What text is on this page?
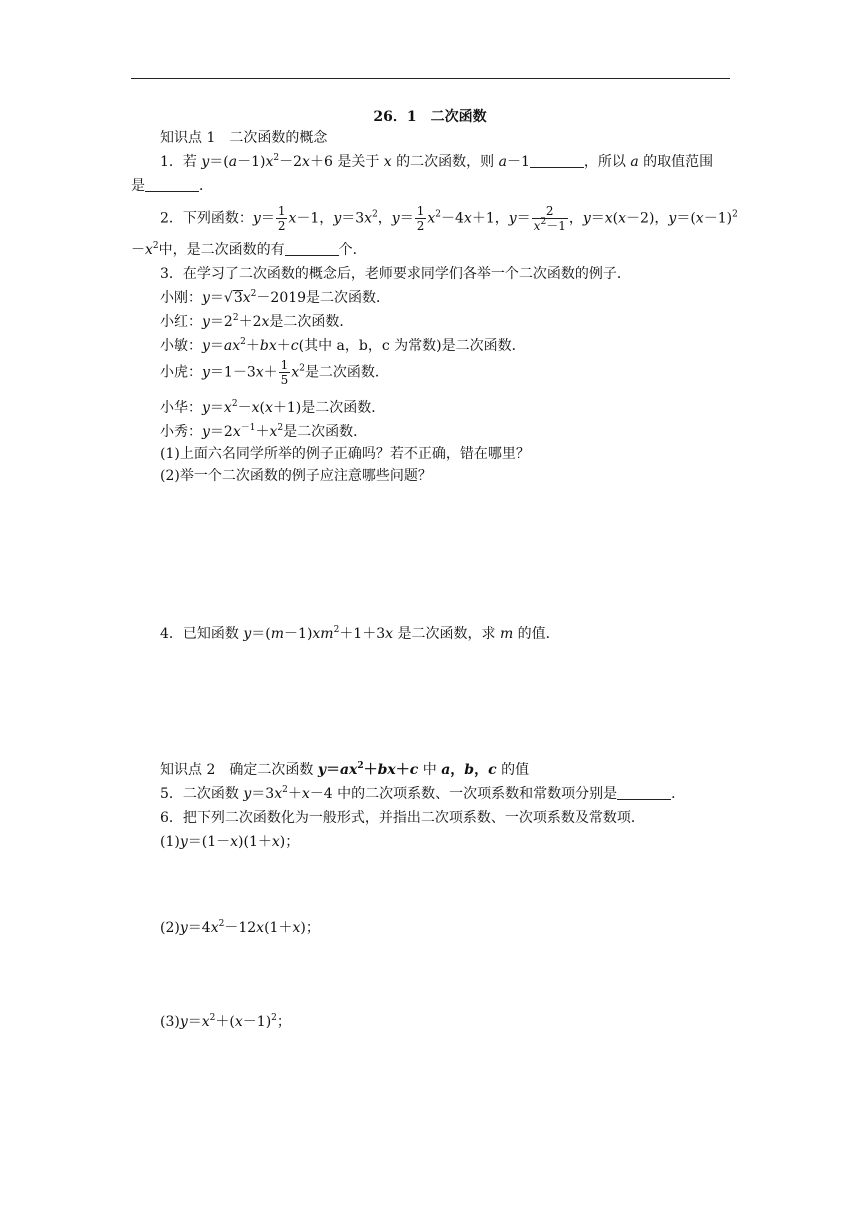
26．1　二次函数
知识点 1　二次函数的概念
1．若 $y=(a-1)x^2-2x+6$ 是关于 x 的二次函数，则 a－1	，所以 a 的取值范围
是	．
2．下列函数：$y= \frac{1}{2} x-1$，$y=3x^2$，$y= \frac{1}{2} x^2-4x+1$，$y= \frac{2}{x^2-1}$ ，y＝x(x－2)，$y=(x-1)^2$
$-x^2$中，是二次函数的有	个．
3．在学习了二次函数的概念后，老师要求同学们各举一个二次函数的例子．
小刚：$y=√3x^2-2019$是二次函数．
小红：$y=2^2+2x$是二次函数．
小敏：$y=ax^2+bx+c$(其中 a，b，c 为常数)是二次函数．
小虎：$y=1-3x+ \frac{1}{5} x^2$是二次函数．
小华：$y=x^2-x(x+1)$是二次函数．
小秀：$y=2x^{-1}+x^2$是二次函数．
(1)上面六名同学所举的例子正确吗？若不正确，错在哪里？
(2)举一个二次函数的例子应注意哪些问题？
4．已知函数 $y=(m-1)xm^2+1+3x$ 是二次函数，求 m 的值．
知识点 2　确定二次函数 $y=ax^2+bx+c$ 中 a，b，c 的值
5．二次函数 $y=3x^2+x-4$ 中的二次项系数、一次项系数和常数项分别是	．
6．把下列二次函数化为一般形式，并指出二次项系数、一次项系数及常数项．
(1)y＝(1－x)(1＋x)；
$(2)y=4x^2-12x(1+x)$；
$(3)y=x^2+(x-1)^2$；
